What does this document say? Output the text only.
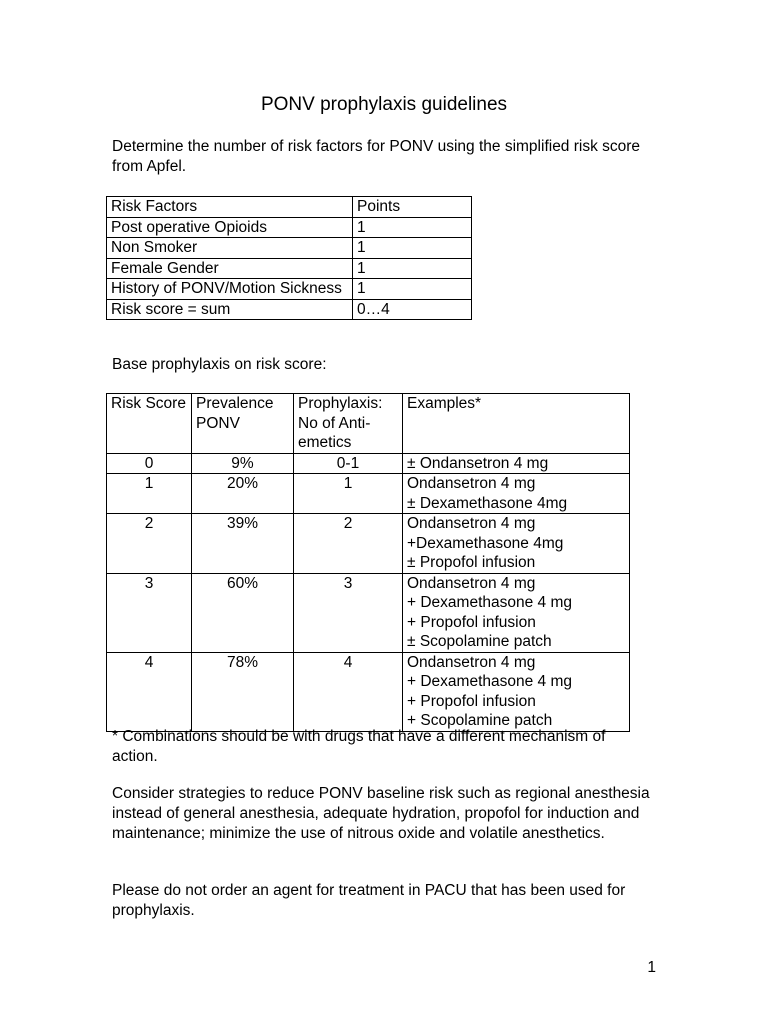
PONV prophylaxis guidelines
Determine the number of risk factors for PONV using the simplified risk score from Apfel.
Risk Factors	Points
Post operative Opioids	1
Non Smoker	1
Female Gender	1
History of PONV/Motion Sickness	1
Risk score = sum	0…4
Base prophylaxis on risk score:
Risk Score	Prevalence PONV	Prophylaxis: No of Anti-emetics	Examples*
0	9%	0-1	± Ondansetron 4 mg

1	20%	1	Ondansetron 4 mg
± Dexamethasone 4mg

2	39%	2	Ondansetron 4 mg
+Dexamethasone 4mg
± Propofol infusion

3	60%	3	Ondansetron 4 mg
+ Dexamethasone 4 mg
+ Propofol infusion
± Scopolamine patch

4	78%	4	Ondansetron 4 mg
+ Dexamethasone 4 mg
+ Propofol infusion
+ Scopolamine patch
* Combinations should be with drugs that have a different mechanism of action.
Consider strategies to reduce PONV baseline risk such as regional anesthesia instead of general anesthesia, adequate hydration, propofol for induction and maintenance; minimize the use of nitrous oxide and volatile anesthetics.
Please do not order an agent for treatment in PACU that has been used for prophylaxis.
1
